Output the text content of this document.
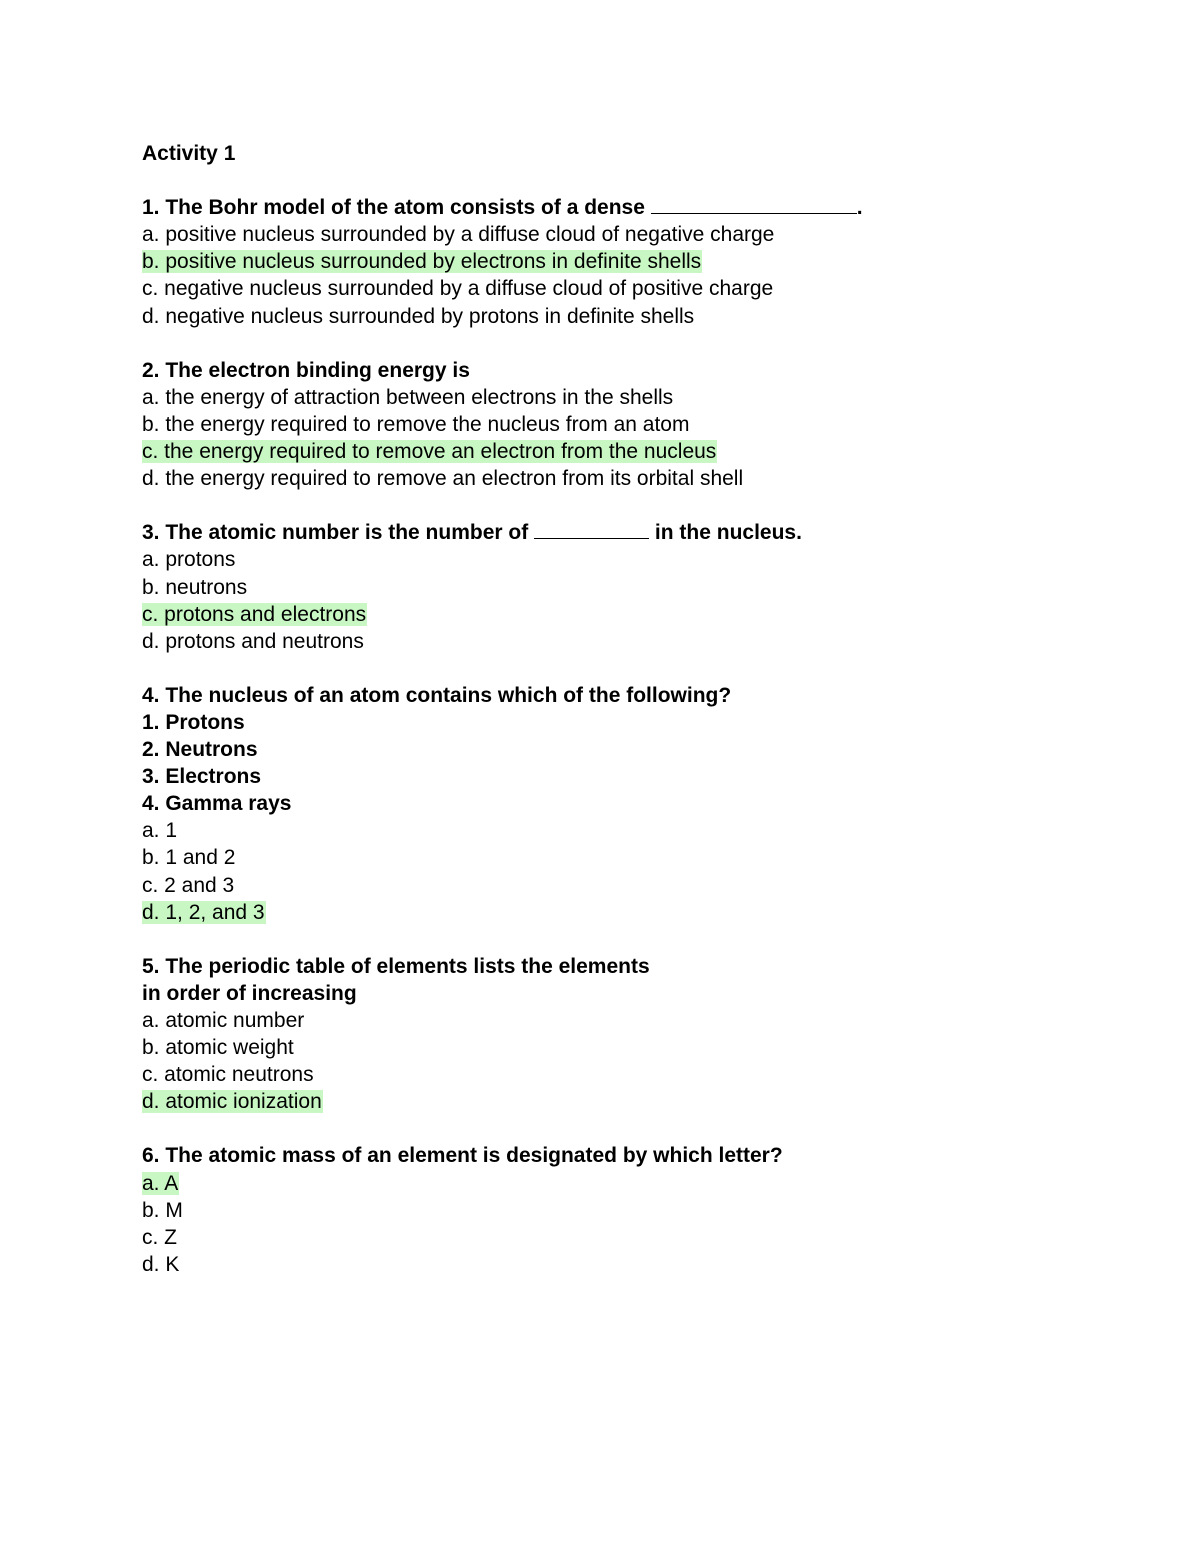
Activity 1
1. The Bohr model of the atom consists of a dense	.
a. positive nucleus surrounded by a diffuse cloud of negative charge
b. positive nucleus surrounded by electrons in definite shells
c. negative nucleus surrounded by a diffuse cloud of positive charge
d. negative nucleus surrounded by protons in definite shells
2. The electron binding energy is
a. the energy of attraction between electrons in the shells
b. the energy required to remove the nucleus from an atom
c. the energy required to remove an electron from the nucleus
d. the energy required to remove an electron from its orbital shell
3. The atomic number is the number of	in the nucleus.
a. protons
b. neutrons
c. protons and electrons
d. protons and neutrons
4. The nucleus of an atom contains which of the following?
1. Protons
2. Neutrons
3. Electrons
4. Gamma rays
a. 1
b. 1 and 2
c. 2 and 3
d. 1, 2, and 3
5. The periodic table of elements lists the elements
in order of increasing
a. atomic number
b. atomic weight
c. atomic neutrons
d. atomic ionization
6. The atomic mass of an element is designated by which letter?
a. A
b. M
c. Z
d. K
